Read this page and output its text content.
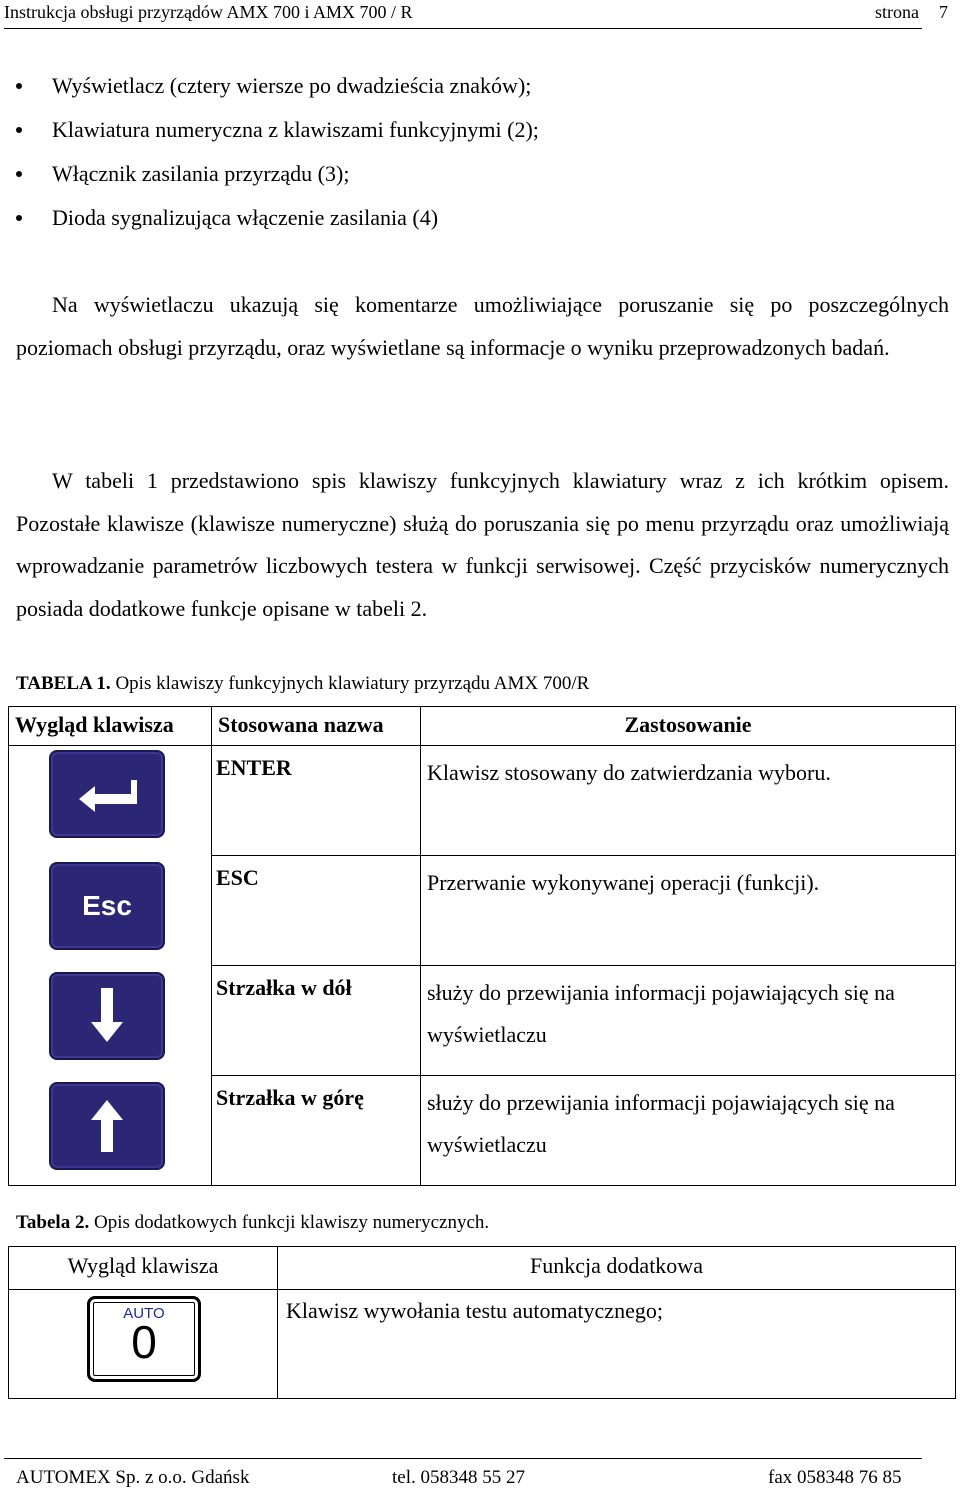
Instrukcja obsługi przyrządów AMX 700 i AMX 700 / R	strona 7
Wyświetlacz (cztery wiersze po dwadzieścia znaków);
Klawiatura numeryczna z klawiszami funkcyjnymi (2);
Włącznik zasilania przyrządu (3);
Dioda sygnalizująca włączenie zasilania (4)

Na wyświetlaczu ukazują się komentarze umożliwiające poruszanie się po poszczególnych poziomach obsługi przyrządu, oraz wyświetlane są informacje o wyniku przeprowadzonych badań.

W tabeli 1 przedstawiono spis klawiszy funkcyjnych klawiatury wraz z ich krótkim opisem. Pozostałe klawisze (klawisze numeryczne) służą do poruszania się po menu przyrządu oraz umożliwiają wprowadzanie parametrów liczbowych testera w funkcji serwisowej. Część przycisków numerycznych posiada dodatkowe funkcje opisane w tabeli 2.

TABELA 1. Opis klawiszy funkcyjnych klawiatury przyrządu AMX 700/R
Wygląd klawisza	Stosowana nazwa	Zastosowanie

	ENTER	Klawisz stosowany do zatwierdzania wyboru.

Esc	ESC	Przerwanie wykonywanej operacji (funkcji).

	Strzałka w dół	służy do przewijania informacji pojawiających się na wyświetlaczu

	Strzałka w górę	służy do przewijania informacji pojawiających się na wyświetlaczu
Tabela 2. Opis dodatkowych funkcji klawiszy numerycznych.
Wygląd klawisza	Funkcja dodatkowa

AUTO
0	Klawisz wywołania testu automatycznego;
AUTOMEX Sp. z o.o. Gdańsk	tel. 058348 55 27	fax 058348 76 85
